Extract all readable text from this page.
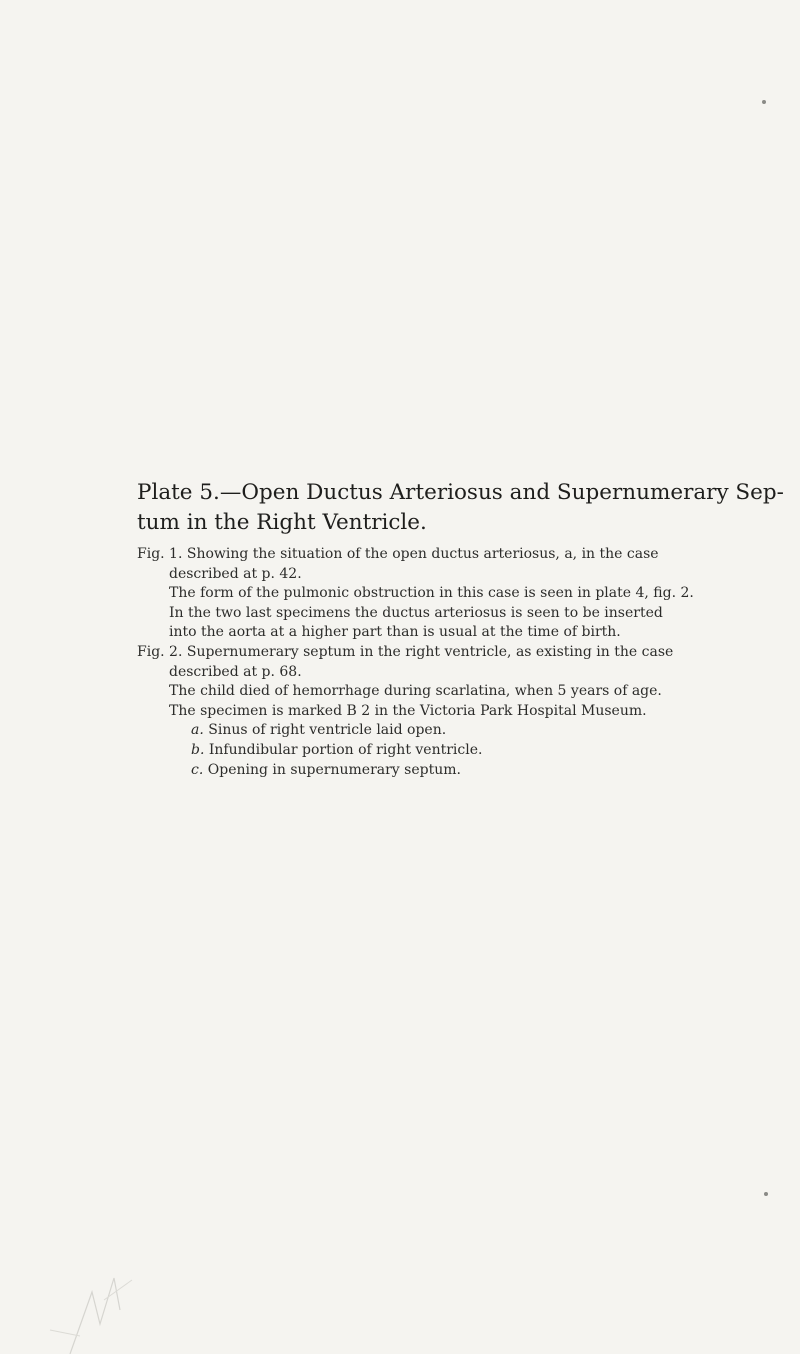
Plate 5.—Open Ductus Arteriosus and Supernumerary Sep-
tum in the Right Ventricle.
Fig. 1. Showing the situation of the open ductus arteriosus, a, in the case
described at p. 42.
The form of the pulmonic obstruction in this case is seen in plate 4, fig. 2.
In the two last specimens the ductus arteriosus is seen to be inserted
into the aorta at a higher part than is usual at the time of birth.
Fig. 2. Supernumerary septum in the right ventricle, as existing in the case
described at p. 68.
The child died of hemorrhage during scarlatina, when 5 years of age.
The specimen is marked B 2 in the Victoria Park Hospital Museum.
a. Sinus of right ventricle laid open.
b. Infundibular portion of right ventricle.
c. Opening in supernumerary septum.
